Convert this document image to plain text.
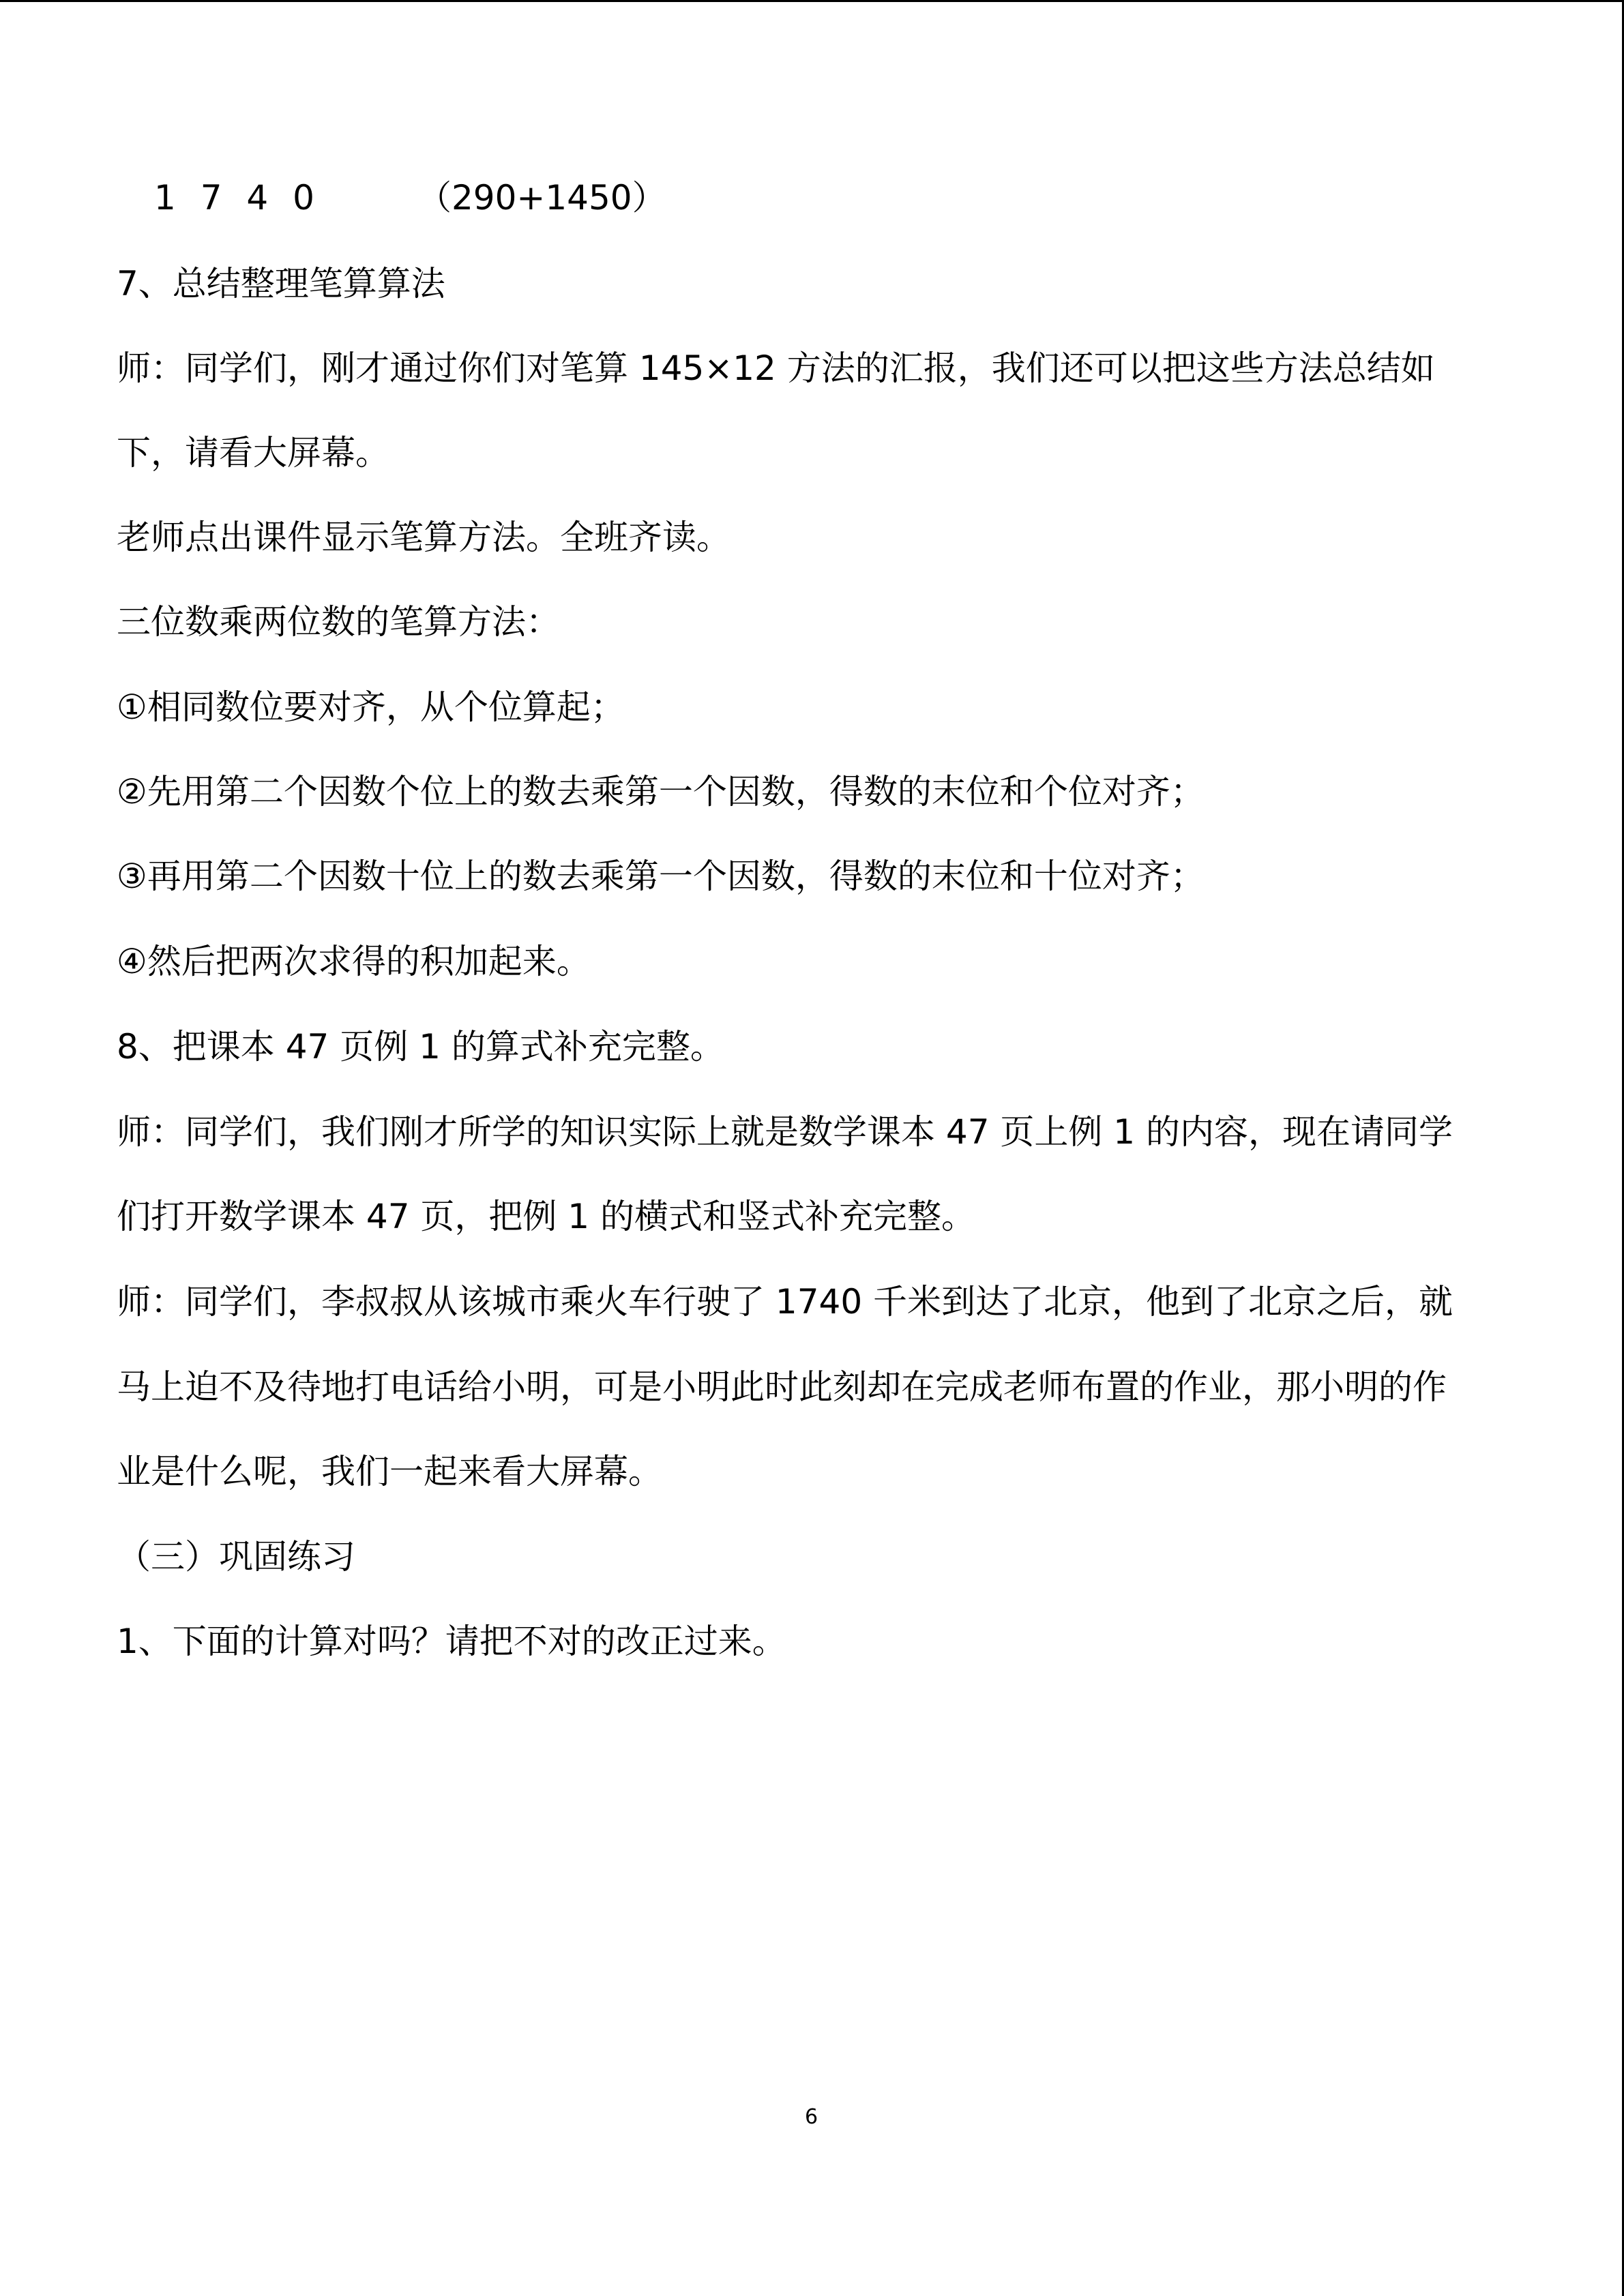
1 7 4 0	（290+1450）
7、总结整理笔算算法
师：同学们，刚才通过你们对笔算 145×12 方法的汇报，我们还可以把这些方法总结如
下，请看大屏幕。
老师点出课件显示笔算方法。全班齐读。
三位数乘两位数的笔算方法：
①相同数位要对齐，从个位算起；
②先用第二个因数个位上的数去乘第一个因数，得数的末位和个位对齐；
③再用第二个因数十位上的数去乘第一个因数，得数的末位和十位对齐；
④然后把两次求得的积加起来。
8、把课本 47 页例 1 的算式补充完整。
师：同学们，我们刚才所学的知识实际上就是数学课本 47 页上例 1 的内容，现在请同学
们打开数学课本 47 页，把例 1 的横式和竖式补充完整。
师：同学们，李叔叔从该城市乘火车行驶了 1740 千米到达了北京，他到了北京之后，就
马上迫不及待地打电话给小明，可是小明此时此刻却在完成老师布置的作业，那小明的作
业是什么呢，我们一起来看大屏幕。
（三）巩固练习
1、下面的计算对吗？请把不对的改正过来。
6
